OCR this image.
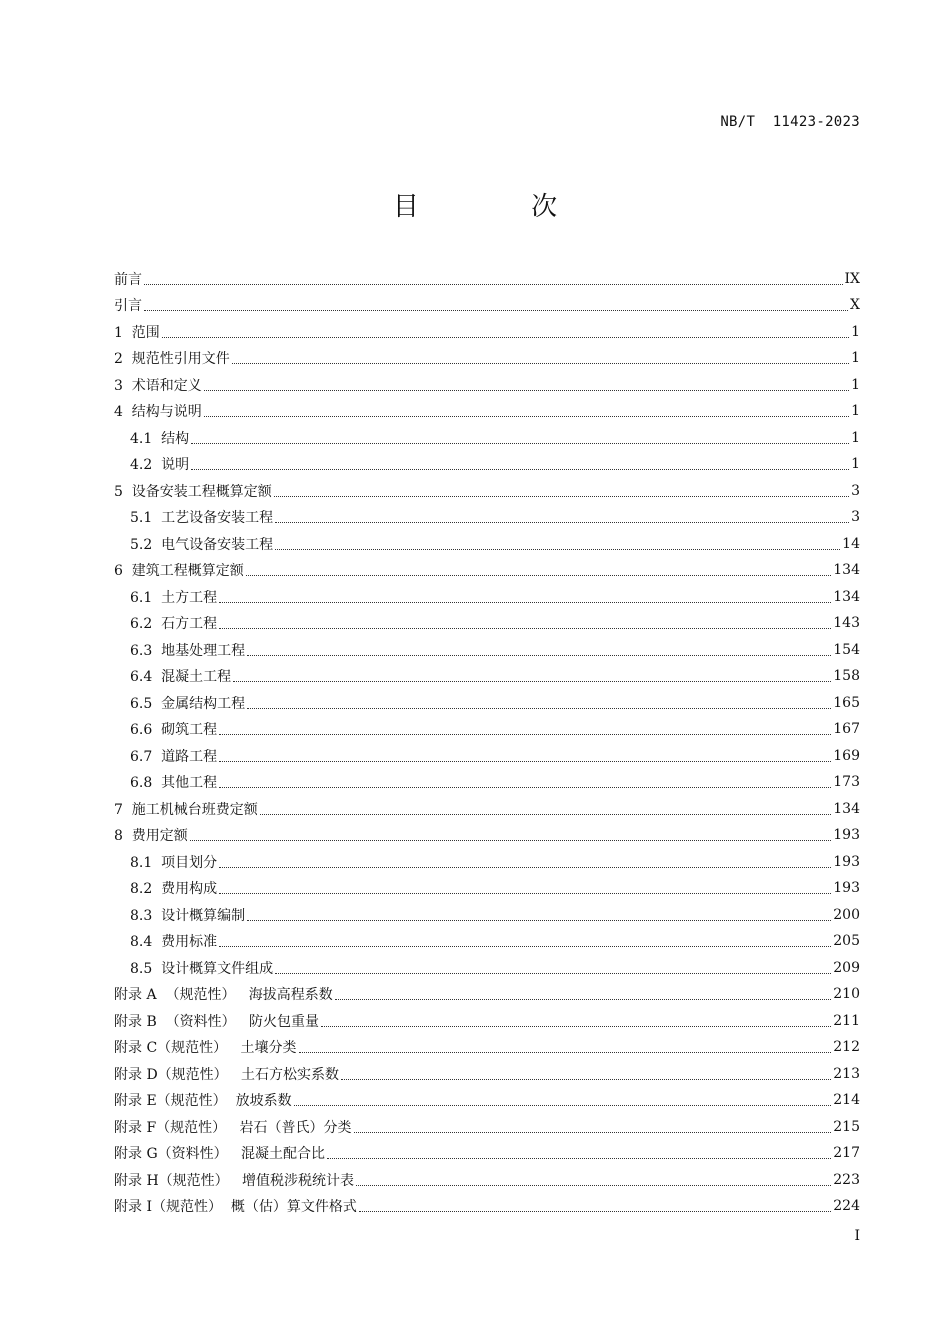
NB/T  11423-2023
目 次
前言	IX
引言	X
1  范围	1
2  规范性引用文件	1
3  术语和定义	1
4  结构与说明	1
4.1  结构	1
4.2  说明	1
5  设备安装工程概算定额	3
5.1  工艺设备安装工程	3
5.2  电气设备安装工程	14
6  建筑工程概算定额	134
6.1  土方工程	134
6.2  石方工程	143
6.3  地基处理工程	154
6.4  混凝土工程	158
6.5  金属结构工程	165
6.6  砌筑工程	167
6.7  道路工程	169
6.8  其他工程	173
7  施工机械台班费定额	134
8  费用定额	193
8.1  项目划分	193
8.2  费用构成	193
8.3  设计概算编制	200
8.4  费用标准	205
8.5  设计概算文件组成	209
附录 A  （规范性）   海拔高程系数	210
附录 B  （资料性）   防火包重量	211
附录 C（规范性）   土壤分类	212
附录 D（规范性）   土石方松实系数	213
附录 E（规范性）  放坡系数	214
附录 F（规范性）   岩石（普氏）分类	215
附录 G（资料性）   混凝土配合比	217
附录 H（规范性）   增值税涉税统计表	223
附录 I（规范性）  概（估）算文件格式	224
I
